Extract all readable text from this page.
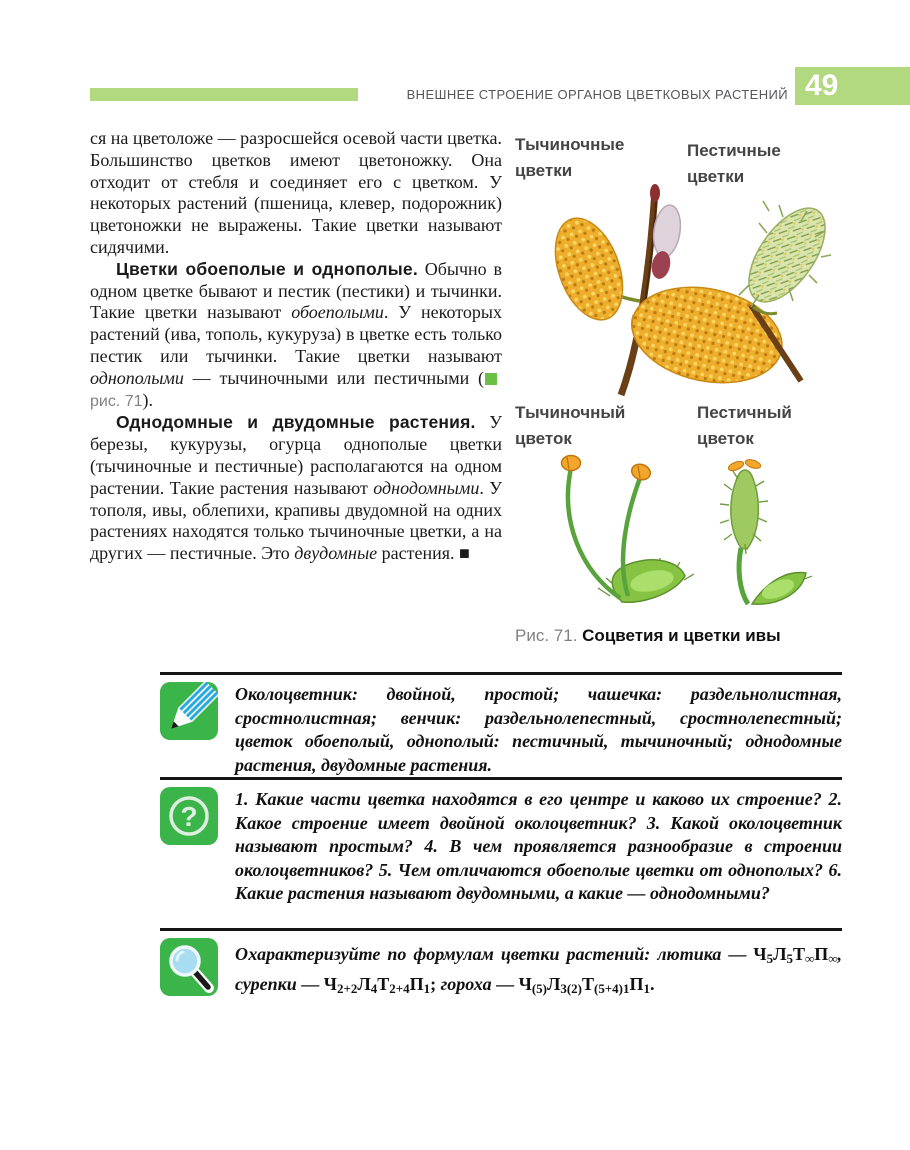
ВНЕШНЕЕ СТРОЕНИЕ ОРГАНОВ ЦВЕТКОВЫХ РАСТЕНИЙ 49

ся на цветоложе — разросшейся осевой части цветка. Большинство цветков имеют цветоножку. Она отходит от стебля и соединяет его с цветком. У некоторых растений (пшеница, клевер, подорожник) цветоножки не выражены. Такие цветки называют сидячими.

Цветки обоеполые и однополые. Обычно в одном цветке бывают и пестик (пестики) и тычинки. Такие цветки называют обоеполыми. У некоторых растений (ива, тополь, кукуруза) в цветке есть только пестик или тычинки. Такие цветки называют однополыми — тычиночными или пестичными (рис. 71).

Однодомные и двудомные растения. У березы, кукурузы, огурца однополые цветки (тычиночные и пестичные) располагаются на одном растении. Такие растения называют однодомными. У тополя, ивы, облепихи, крапивы двудомной на одних растениях находятся только тычиночные цветки, а на других — пестичные. Это двудомные растения. ■

Тычиночные цветки
Пестичные цветки
Тычиночный цветок
Пестичный цветок
Рис. 71. Соцветия и цветки ивы
Околоцветник: двойной, простой; чашечка: раздельнолистная, сростнолистная; венчик: раздельнолепестный, сростнолепестный; цветок обоеполый, однополый: пестичный, тычиночный; однодомные растения, двудомные растения.
?
1. Какие части цветка находятся в его центре и каково их строение? 2. Какое строение имеет двойной околоцветник? 3. Какой околоцветник называют простым? 4. В чем проявляется разнообразие в строении околоцветников? 5. Чем отличаются обоеполые цветки от однополых? 6. Какие растения называют двудомными, а какие — однодомными?
Охарактеризуйте по формулам цветки растений: лютика — $Ч_5Л_5Т_\infty П_\infty$, сурепки — $Ч_{2+2}Л_4Т_{2+4}П_1$; гороха — $Ч_{(5)}Л_{3(2)}Т_{(5+4)1}П_1$.
